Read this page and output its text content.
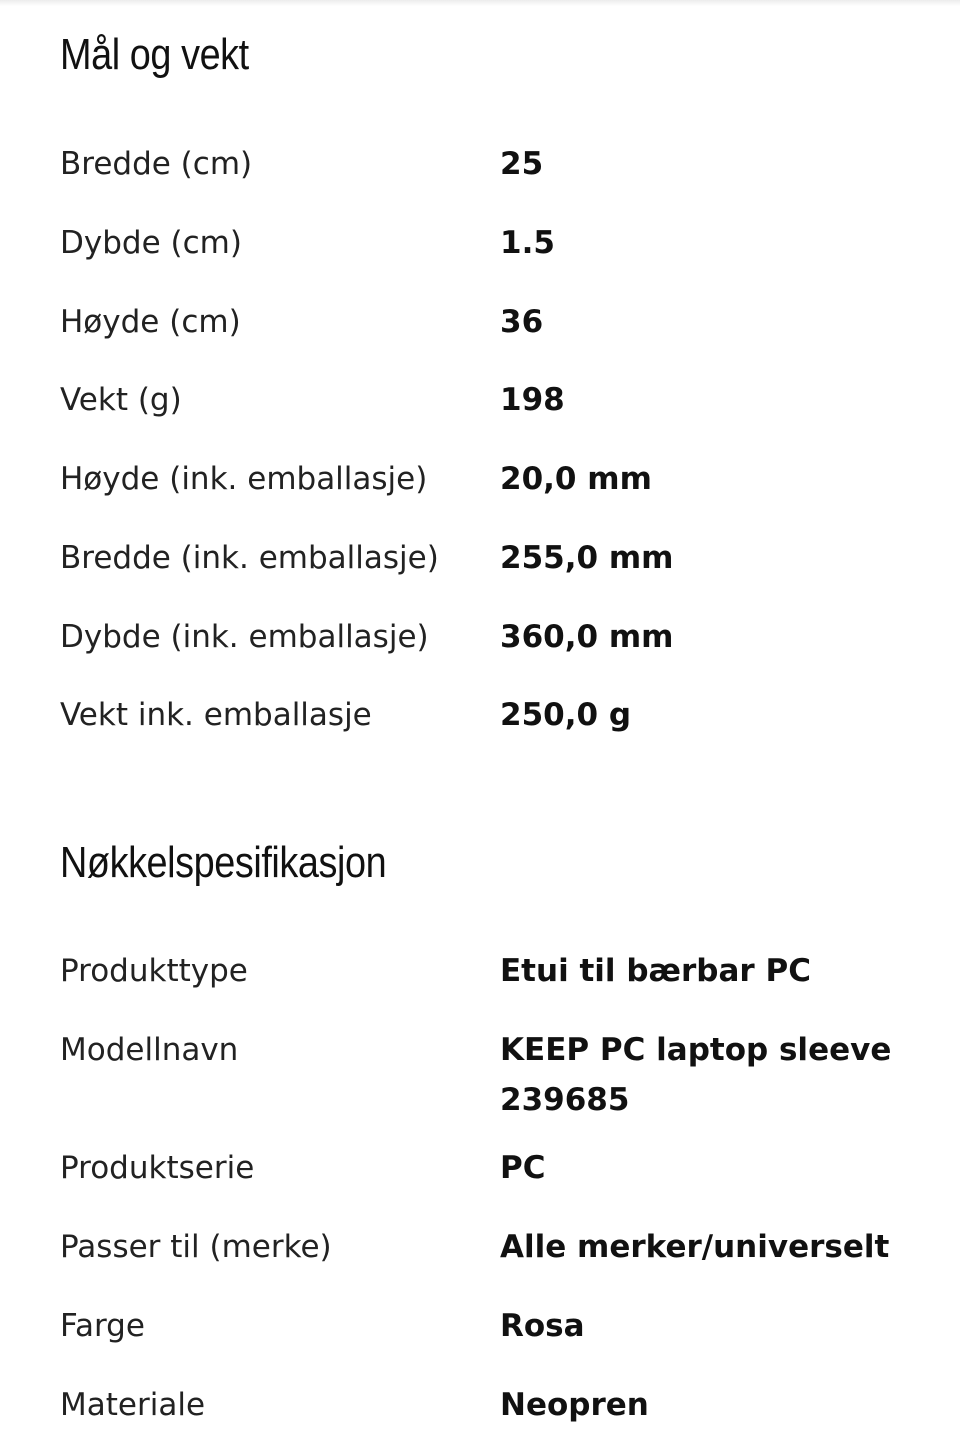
Mål og vekt
Bredde (cm)	25
Dybde (cm)	1.5
Høyde (cm)	36
Vekt (g)	198
Høyde (ink. emballasje) 20,0 mm
Bredde (ink. emballasje) 255,0 mm
Dybde (ink. emballasje) 360,0 mm
Vekt ink. emballasje	250,0 g
Nøkkelspesifikasjon
Produkttype	Etui til bærbar PC
Modellnavn	KEEP PC laptop sleeve 239685
Produktserie	PC
Passer til (merke)	Alle merker/universelt
Farge	Rosa
Materiale	Neopren
